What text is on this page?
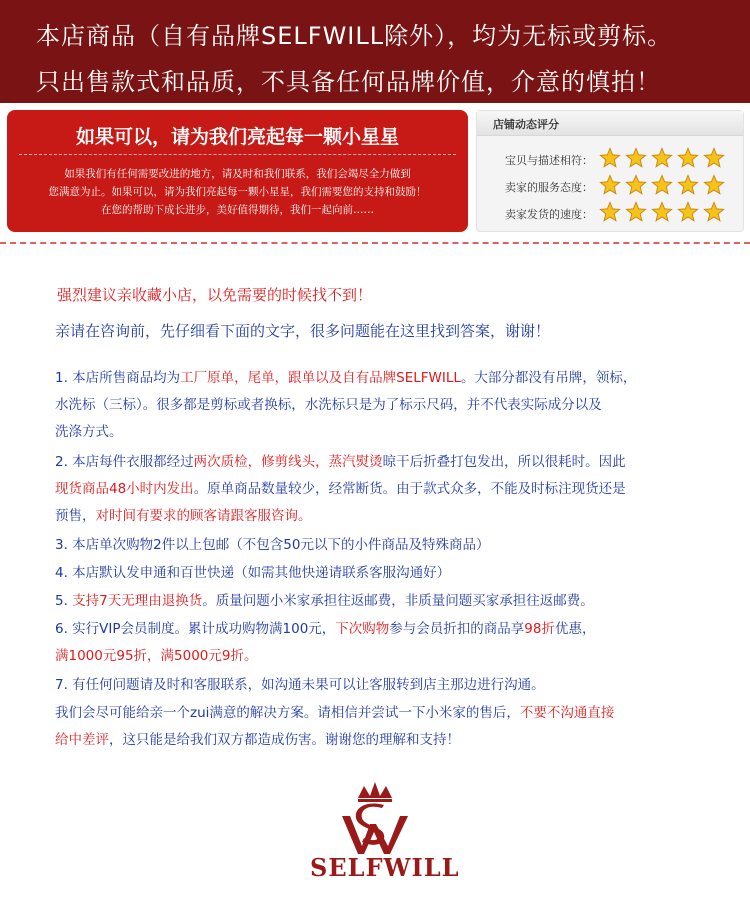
本店商品（自有品牌SELFWILL除外），均为无标或剪标。
只出售款式和品质，不具备任何品牌价值，介意的慎拍！
如果可以，请为我们亮起每一颗小星星
如果我们有任何需要改进的地方，请及时和我们联系，我们会竭尽全力做到
您满意为止。如果可以，请为我们亮起每一颗小星星，我们需要您的支持和鼓励！
在您的帮助下成长进步，美好值得期待，我们一起向前……
店铺动态评分
宝贝与描述相符：
卖家的服务态度：
卖家发货的速度：
强烈建议亲收藏小店，以免需要的时候找不到！
亲请在咨询前，先仔细看下面的文字，很多问题能在这里找到答案，谢谢！
1. 本店所售商品均为工厂原单，尾单，跟单以及自有品牌SELFWILL。大部分都没有吊牌，领标，
水洗标（三标）。很多都是剪标或者换标，水洗标只是为了标示尺码，并不代表实际成分以及
洗涤方式。
2. 本店每件衣服都经过两次质检，修剪线头，蒸汽熨烫晾干后折叠打包发出，所以很耗时。因此
现货商品48小时内发出。原单商品数量较少，经常断货。由于款式众多，不能及时标注现货还是
预售，对时间有要求的顾客请跟客服咨询。
3. 本店单次购物2件以上包邮（不包含50元以下的小件商品及特殊商品）
4. 本店默认发申通和百世快递（如需其他快递请联系客服沟通好）
5. 支持7天无理由退换货。质量问题小米家承担往返邮费，非质量问题买家承担往返邮费。
6. 实行VIP会员制度。累计成功购物满100元，下次购物参与会员折扣的商品享98折优惠，
满1000元95折，满5000元9折。
7. 有任何问题请及时和客服联系，如沟通未果可以让客服转到店主那边进行沟通。
我们会尽可能给亲一个zui满意的解决方案。请相信并尝试一下小米家的售后，不要不沟通直接
给中差评，这只能是给我们双方都造成伤害。谢谢您的理解和支持！
SELFWILL
